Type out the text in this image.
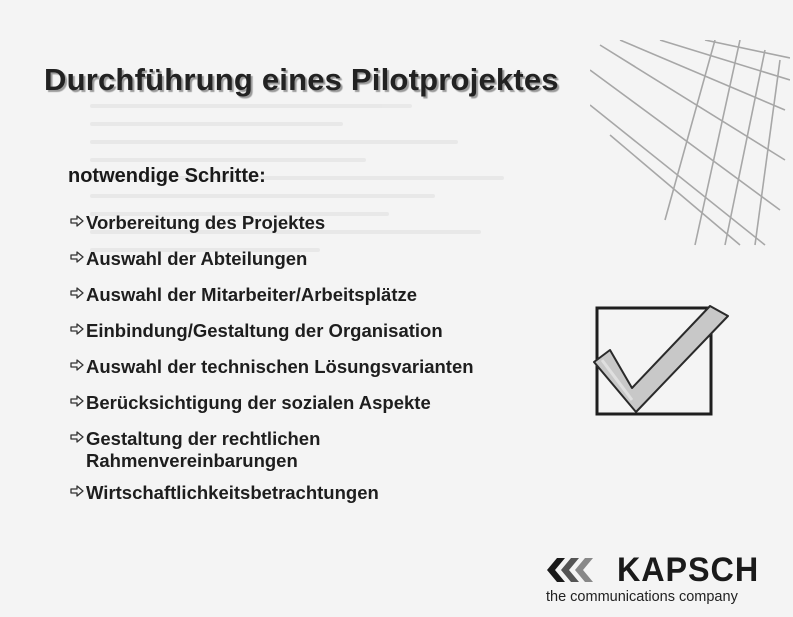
Durchführung eines Pilotprojektes
notwendige Schritte:
Vorbereitung des Projektes
Auswahl der Abteilungen
Auswahl der Mitarbeiter/Arbeitsplätze
Einbindung/Gestaltung der Organisation
Auswahl der technischen Lösungsvarianten
Berücksichtigung der sozialen Aspekte
Gestaltung der rechtlichen
Rahmenvereinbarungen
Wirtschaftlichkeitsbetrachtungen
KAPSCH
the communications company
